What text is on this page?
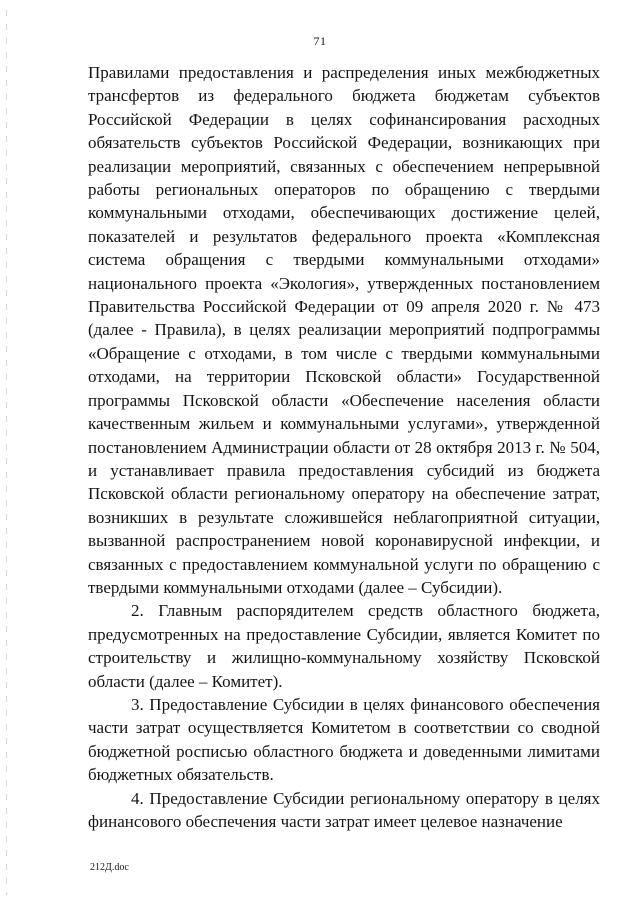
71

Правилами предоставления и распределения иных межбюджетных трансфертов из федерального бюджета бюджетам субъектов Российской Федерации в целях софинансирования расходных обязательств субъектов Российской Федерации, возникающих при реализации мероприятий, связанных с обеспечением непрерывной работы региональных операторов по обращению с твердыми коммунальными отходами, обеспечивающих достижение целей, показателей и результатов федерального проекта «Комплексная система обращения с твердыми коммунальными отходами» национального проекта «Экология», утвержденных постановлением Правительства Российской Федерации от 09 апреля 2020 г. № 473 (далее - Правила), в целях реализации мероприятий подпрограммы «Обращение с отходами, в том числе с твердыми коммунальными отходами, на территории Псковской области» Государственной программы Псковской области «Обеспечение населения области качественным жильем и коммунальными услугами», утвержденной постановлением Администрации области от 28 октября 2013 г. № 504, и устанавливает правила предоставления субсидий из бюджета Псковской области региональному оператору на обеспечение затрат, возникших в результате сложившейся неблагоприятной ситуации, вызванной распространением новой коронавирусной инфекции, и связанных с предоставлением коммунальной услуги по обращению с твердыми коммунальными отходами (далее – Субсидии).

2. Главным распорядителем средств областного бюджета, предусмотренных на предоставление Субсидии, является Комитет по строительству и жилищно-коммунальному хозяйству Псковской области (далее – Комитет).

3. Предоставление Субсидии в целях финансового обеспечения части затрат осуществляется Комитетом в соответствии со сводной бюджетной росписью областного бюджета и доведенными лимитами бюджетных обязательств.

4. Предоставление Субсидии региональному оператору в целях финансового обеспечения части затрат имеет целевое назначение

212Д.doc
